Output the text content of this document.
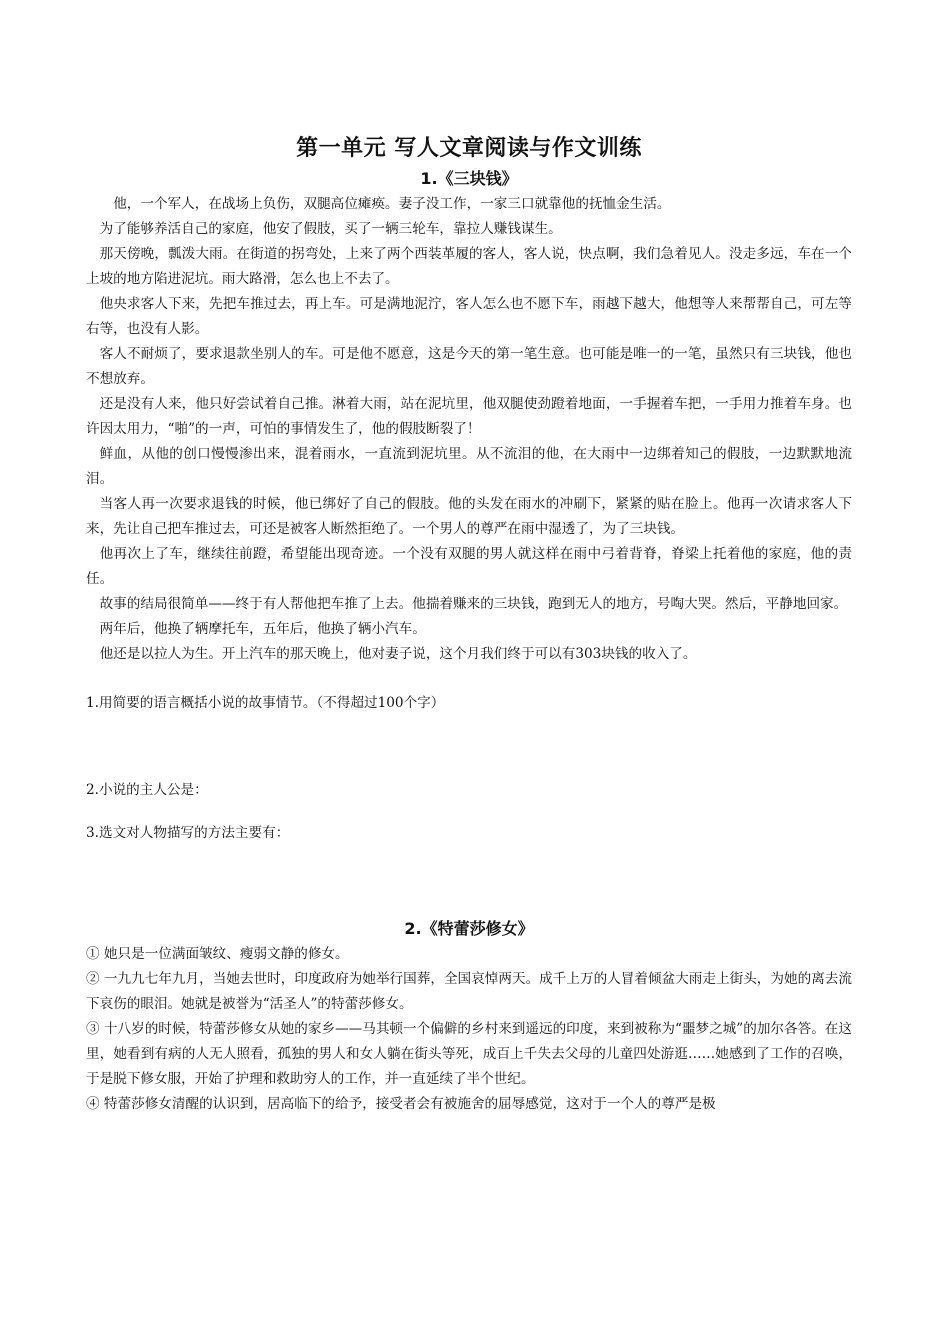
第一单元 写人文章阅读与作文训练
1.《三块钱》

他，一个军人，在战场上负伤，双腿高位瘫痪。妻子没工作，一家三口就靠他的抚恤金生活。

为了能够养活自己的家庭，他安了假肢，买了一辆三轮车，靠拉人赚钱谋生。

那天傍晚，瓢泼大雨。在街道的拐弯处，上来了两个西装革履的客人，客人说，快点啊，我们急着见人。没走多远，车在一个上坡的地方陷进泥坑。雨大路滑，怎么也上不去了。

他央求客人下来，先把车推过去，再上车。可是满地泥泞，客人怎么也不愿下车，雨越下越大，他想等人来帮帮自己，可左等右等，也没有人影。

客人不耐烦了，要求退款坐别人的车。可是他不愿意，这是今天的第一笔生意。也可能是唯一的一笔，虽然只有三块钱，他也不想放弃。

还是没有人来，他只好尝试着自己推。淋着大雨，站在泥坑里，他双腿使劲蹬着地面，一手握着车把，一手用力推着车身。也许因太用力，“啪”的一声，可怕的事情发生了，他的假肢断裂了！

鲜血，从他的创口慢慢渗出来，混着雨水，一直流到泥坑里。从不流泪的他，在大雨中一边绑着知己的假肢，一边默默地流泪。

当客人再一次要求退钱的时候，他已绑好了自己的假肢。他的头发在雨水的冲刷下，紧紧的贴在脸上。他再一次请求客人下来，先让自己把车推过去，可还是被客人断然拒绝了。一个男人的尊严在雨中湿透了，为了三块钱。

他再次上了车，继续往前蹬，希望能出现奇迹。一个没有双腿的男人就这样在雨中弓着背脊，脊梁上托着他的家庭，他的责任。

故事的结局很简单——终于有人帮他把车推了上去。他揣着赚来的三块钱，跑到无人的地方，号啕大哭。然后，平静地回家。

两年后，他换了辆摩托车，五年后，他换了辆小汽车。

他还是以拉人为生。开上汽车的那天晚上，他对妻子说，这个月我们终于可以有303块钱的收入了。

1.用简要的语言概括小说的故事情节。（不得超过100个字）

2.小说的主人公是：

3.选文对人物描写的方法主要有：

2.《特蕾莎修女》

① 她只是一位满面皱纹、瘦弱文静的修女。

② 一九九七年九月，当她去世时，印度政府为她举行国葬，全国哀悼两天。成千上万的人冒着倾盆大雨走上街头，为她的离去流下哀伤的眼泪。她就是被誉为“活圣人”的特蕾莎修女。

③ 十八岁的时候，特蕾莎修女从她的家乡——马其顿一个偏僻的乡村来到遥远的印度，来到被称为“噩梦之城”的加尔各答。在这里，她看到有病的人无人照看，孤独的男人和女人躺在街头等死，成百上千失去父母的儿童四处游逛……她感到了工作的召唤，于是脱下修女服，开始了护理和救助穷人的工作，并一直延续了半个世纪。

④ 特蕾莎修女清醒的认识到，居高临下的给予，接受者会有被施舍的屈辱感觉，这对于一个人的尊严是极
